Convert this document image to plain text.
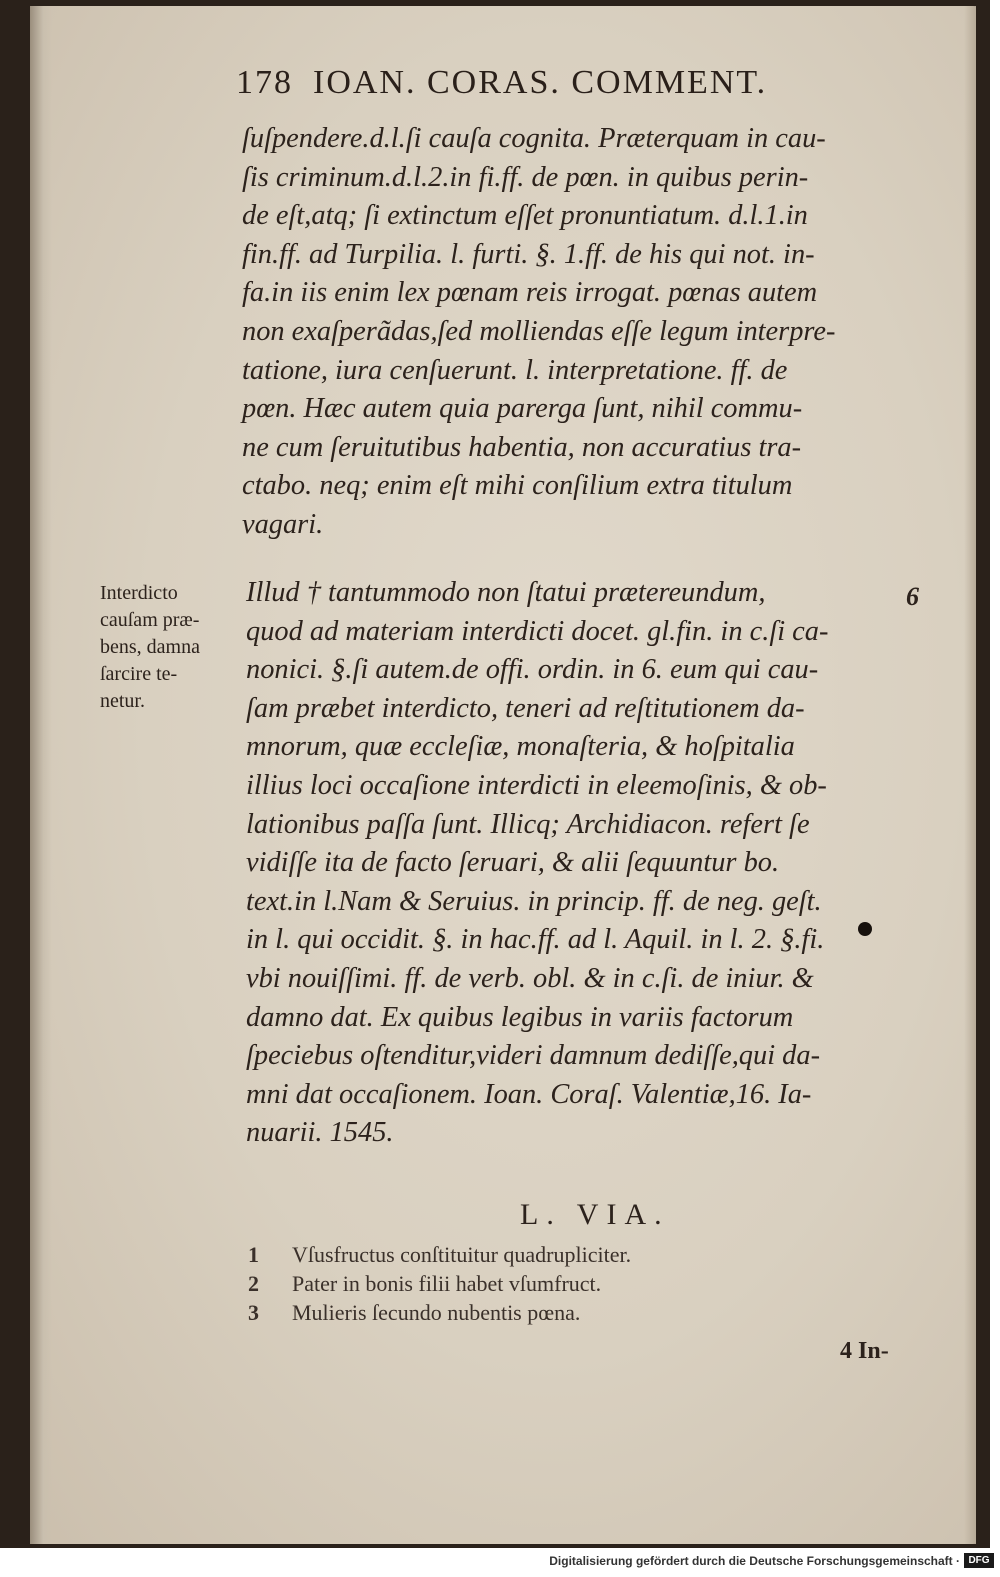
178 IOAN. CORAS. COMMENT.
ſuſpendere.d.l.ſi cauſa cognita. Præterquam in cau-
ſis criminum.d.l.2.in fi.ff. de pœn. in quibus perin-
de eſt,atq; ſi extinctum eſſet pronuntiatum. d.l.1.in
fin.ff. ad Turpilia. l. furti. §. 1.ff. de his qui not. in-
fa.in iis enim lex pœnam reis irrogat. pœnas autem
non exaſperãdas,ſed molliendas eſſe legum interpre-
tatione, iura cenſuerunt. l. interpretatione. ff. de
pœn. Hæc autem quia parerga ſunt, nihil commu-
ne cum ſeruitutibus habentia, non accuratius tra-
ctabo. neq; enim eſt mihi conſilium extra titulum
vagari.
Illud † tantummodo non ſtatui prætereundum,
quod ad materiam interdicti docet. gl.fin. in c.ſi ca-
nonici. §.ſi autem.de offi. ordin. in 6. eum qui cau-
ſam præbet interdicto, teneri ad reſtitutionem da-
mnorum, quæ eccleſiæ, monaſteria, & hoſpitalia
illius loci occaſione interdicti in eleemoſinis, & ob-
lationibus paſſa ſunt. Illicq; Archidiacon. refert ſe
vidiſſe ita de facto ſeruari, & alii ſequuntur bo.
text.in l.Nam & Seruius. in princip. ff. de neg. geſt.
in l. qui occidit. §. in hac.ff. ad l. Aquil. in l. 2. §.fi.
vbi nouiſſimi. ff. de verb. obl. & in c.ſi. de iniur. &
damno dat. Ex quibus legibus in variis factorum
ſpeciebus oſtenditur,videri damnum dediſſe,qui da-
mni dat occaſionem. Ioan. Coraſ. Valentiæ,16. Ia-
nuarii. 1545.
Interdicto
cauſam præ-
bens, damna
ſarcire te-
netur.
6
L. VIA.
1	Vſusfructus conſtituitur quadrupliciter.
2	Pater in bonis filii habet vſumfruct.
3	Mulieris ſecundo nubentis pœna.
4 In-
Digitalisierung gefördert durch die Deutsche Forschungsgemeinschaft · DFG
